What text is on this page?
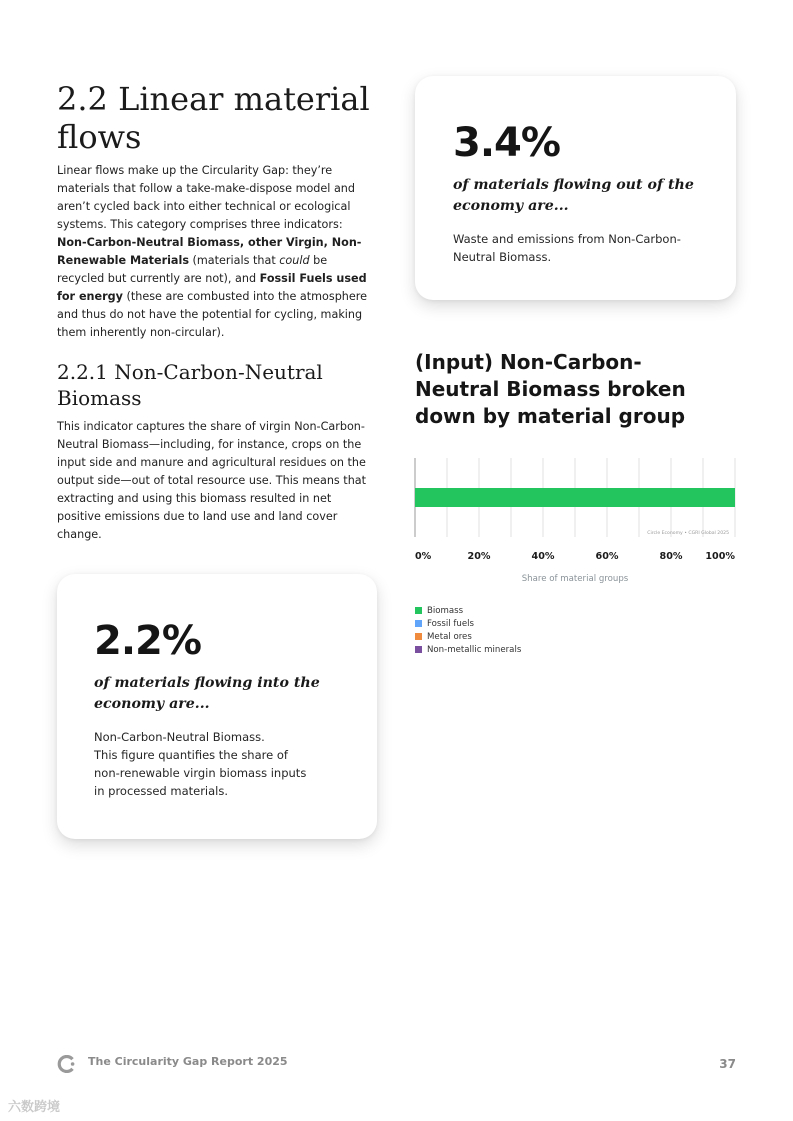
2.2 Linear material flows

Linear flows make up the Circularity Gap: they’re materials that follow a take-make-dispose model and aren’t cycled back into either technical or ecological systems. This category comprises three indicators: Non-Carbon-Neutral Biomass, other Virgin, Non-Renewable Materials (materials that could be recycled but currently are not), and Fossil Fuels used for energy (these are combusted into the atmosphere and thus do not have the potential for cycling, making them inherently non-circular).

2.2.1 Non-Carbon-Neutral Biomass

This indicator captures the share of virgin Non-Carbon-Neutral Biomass—including, for instance, crops on the input side and manure and agricultural residues on the output side—out of total resource use. This means that extracting and using this biomass resulted in net positive emissions due to land use and land cover change.

3.4%
of materials flowing out of the economy are...
Waste and emissions from Non-Carbon-Neutral Biomass.
2.2%
of materials flowing into the economy are...
Non-Carbon-Neutral Biomass.
This figure quantifies the share of
non-renewable virgin biomass inputs
in processed materials.
(Input) Non-Carbon-Neutral Biomass broken down by material group
Circle Economy • CGRI Global 2025
0%	20%	40%	60%	80% 100%
Share of material groups
Biomass
Fossil fuels
Metal ores
Non-metallic minerals
The Circularity Gap Report 2025	37
六数跨境
